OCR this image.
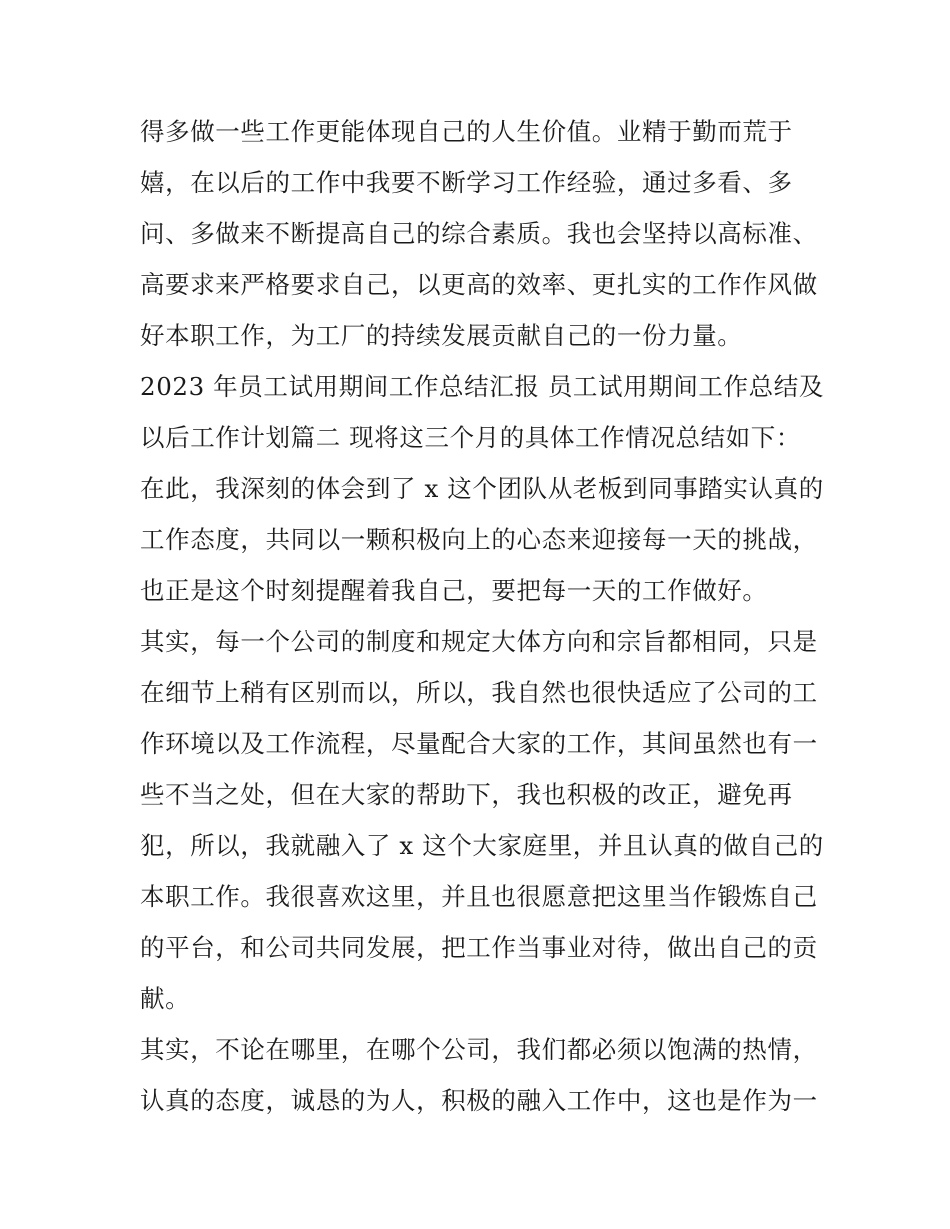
得多做一些工作更能体现自己的人生价值。业精于勤而荒于
嬉，在以后的工作中我要不断学习工作经验，通过多看、多
问、多做来不断提高自己的综合素质。我也会坚持以高标准、
高要求来严格要求自己，以更高的效率、更扎实的工作作风做
好本职工作，为工厂的持续发展贡献自己的一份力量。
2023 年员工试用期间工作总结汇报 员工试用期间工作总结及
以后工作计划篇二 现将这三个月的具体工作情况总结如下：
在此，我深刻的体会到了 x 这个团队从老板到同事踏实认真的
工作态度，共同以一颗积极向上的心态来迎接每一天的挑战，
也正是这个时刻提醒着我自己，要把每一天的工作做好。
其实，每一个公司的制度和规定大体方向和宗旨都相同，只是
在细节上稍有区别而以，所以，我自然也很快适应了公司的工
作环境以及工作流程，尽量配合大家的工作，其间虽然也有一
些不当之处，但在大家的帮助下，我也积极的改正，避免再
犯，所以，我就融入了 x 这个大家庭里，并且认真的做自己的
本职工作。我很喜欢这里，并且也很愿意把这里当作锻炼自己
的平台，和公司共同发展，把工作当事业对待，做出自己的贡
献。
其实，不论在哪里，在哪个公司，我们都必须以饱满的热情，
认真的态度，诚恳的为人，积极的融入工作中，这也是作为一
